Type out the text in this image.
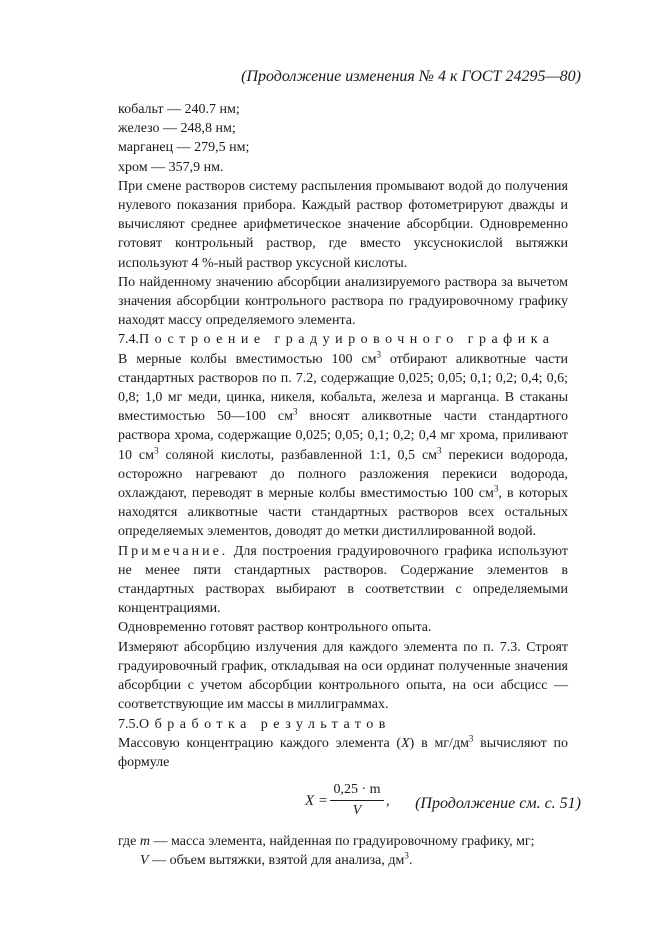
(Продолжение изменения № 4 к ГОСТ 24295—80)

кобальт — 240.7 нм;

железо — 248,8 нм;

марганец — 279,5 нм;

хром — 357,9 нм.

При смене растворов систему распыления промывают водой до получения нулевого показания прибора. Каждый раствор фотометрируют дважды и вычисляют среднее арифметическое значение абсорбции. Одновременно готовят контрольный раствор, где вместо уксуснокислой вытяжки используют 4 %-ный раствор уксусной кислоты.

По найденному значению абсорбции анализируемого раствора за вычетом значения абсорбции контрольного раствора по градуировочному графику находят массу определяемого элемента.

7.4.Построение градуировочного графика

В мерные колбы вместимостью 100 $см^3$ отбирают аликвотные части стандартных растворов по п. 7.2, содержащие 0,025; 0,05; 0,1; 0,2; 0,4; 0,6; 0,8; 1,0 мг меди, цинка, никеля, кобальта, железа и марганца. В стаканы вместимостью 50—100 $см^3$ вносят аликвотные части стандартного раствора хрома, содержащие 0,025; 0,05; 0,1; 0,2; 0,4 мг хрома, приливают 10 $см^3$ соляной кислоты, разбавленной 1:1, 0,5 $см^3$ перекиси водорода, осторожно нагревают до полного разложения перекиси водорода, охлаждают, переводят в мерные колбы вместимостью 100 $см^3$, в которых находятся аликвотные части стандартных растворов всех остальных определяемых элементов, доводят до метки дистиллированной водой.

Примечание. Для построения градуировочного графика используют не менее пяти стандартных растворов. Содержание элементов в стандартных растворах выбирают в соответствии с определяемыми концентрациями.

Одновременно готовят раствор контрольного опыта.

Измеряют абсорбцию излучения для каждого элемента по п. 7.3. Строят градуировочный график, откладывая на оси ординат полученные значения абсорбции с учетом абсорбции контрольного опыта, на оси абсцисс — соответствующие им массы в миллиграммах.

7.5.Обработка результатов

Массовую концентрацию каждого элемента (X) в $мг/дм^3$ вычисляют по формуле

$X = \frac{0,25 \cdot m}{V}$ ,

где m — масса элемента, найденная по градуировочному графику, мг;

V — объем вытяжки, взятой для анализа, $дм^3$.

(Продолжение см. с. 51)
